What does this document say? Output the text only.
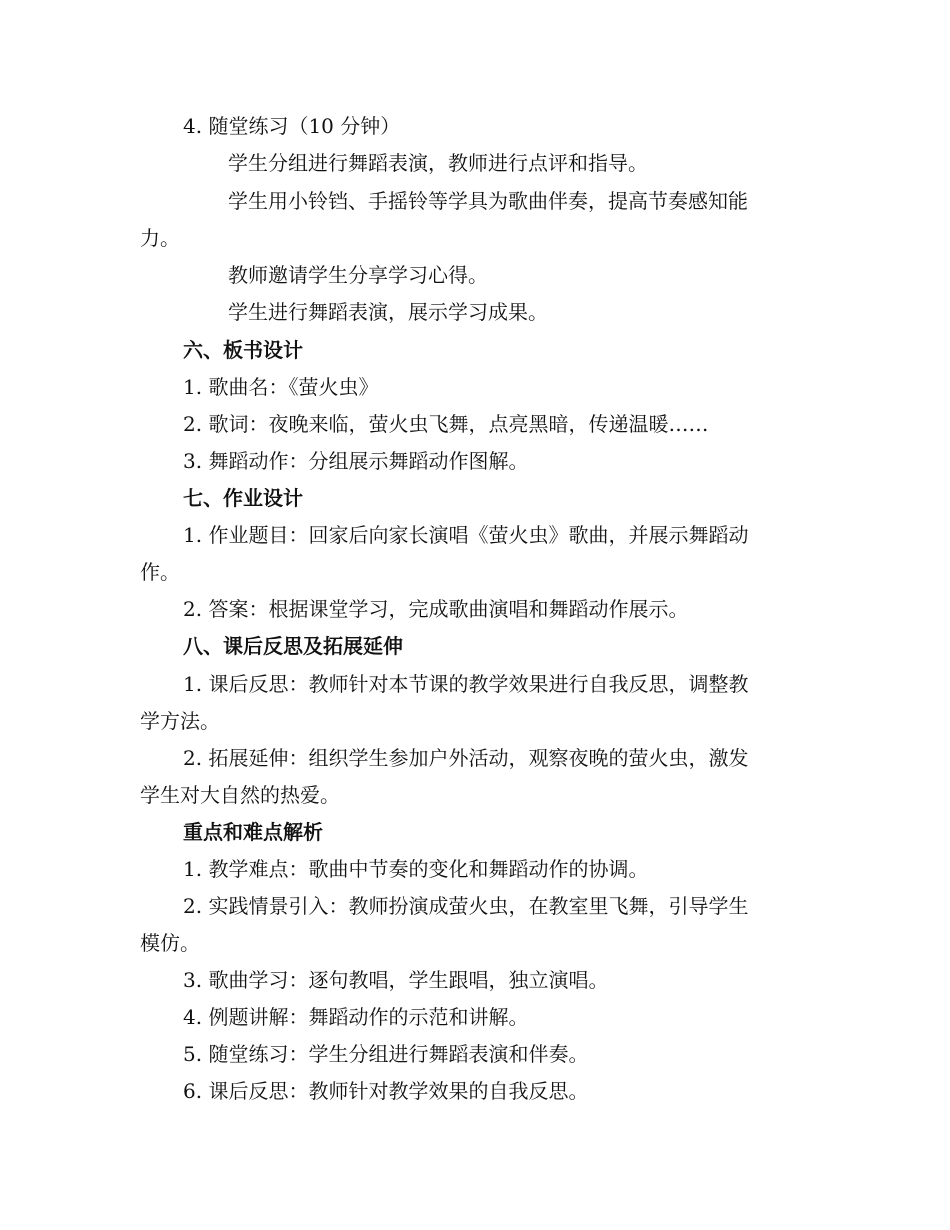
4. 随堂练习（10 分钟）
学生分组进行舞蹈表演，教师进行点评和指导。
学生用小铃铛、手摇铃等学具为歌曲伴奏，提高节奏感知能
力。
教师邀请学生分享学习心得。
学生进行舞蹈表演，展示学习成果。
六、板书设计
1. 歌曲名：《萤火虫》
2. 歌词：夜晚来临，萤火虫飞舞，点亮黑暗，传递温暖……
3. 舞蹈动作：分组展示舞蹈动作图解。
七、作业设计
1. 作业题目：回家后向家长演唱《萤火虫》歌曲，并展示舞蹈动
作。
2. 答案：根据课堂学习，完成歌曲演唱和舞蹈动作展示。
八、课后反思及拓展延伸
1. 课后反思：教师针对本节课的教学效果进行自我反思，调整教
学方法。
2. 拓展延伸：组织学生参加户外活动，观察夜晚的萤火虫，激发
学生对大自然的热爱。
重点和难点解析
1. 教学难点：歌曲中节奏的变化和舞蹈动作的协调。
2. 实践情景引入：教师扮演成萤火虫，在教室里飞舞，引导学生
模仿。
3. 歌曲学习：逐句教唱，学生跟唱，独立演唱。
4. 例题讲解：舞蹈动作的示范和讲解。
5. 随堂练习：学生分组进行舞蹈表演和伴奏。
6. 课后反思：教师针对教学效果的自我反思。
